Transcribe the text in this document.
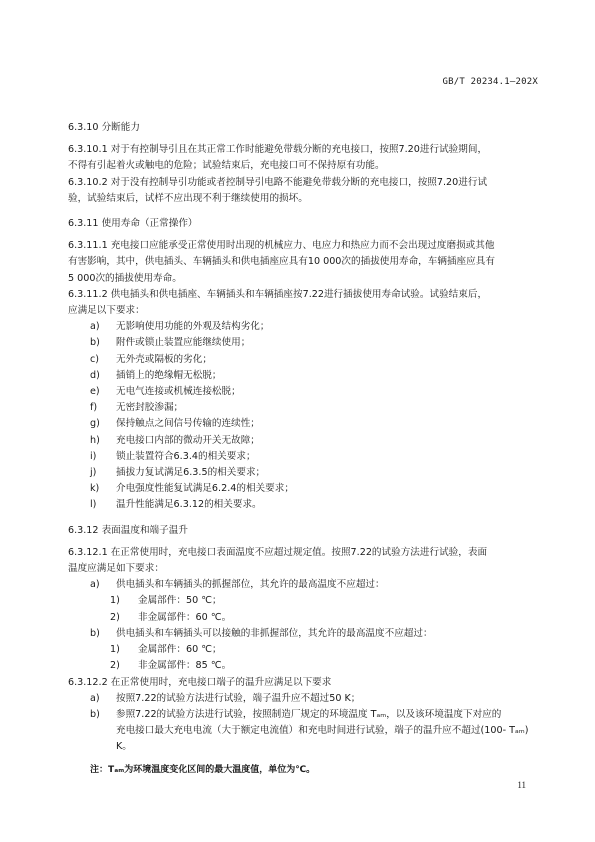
GB/T 20234.1—202X
6.3.10 分断能力
6.3.10.1 对于有控制导引且在其正常工作时能避免带载分断的充电接口，按照7.20进行试验期间，
不得有引起着火或触电的危险；试验结束后，充电接口可不保持原有功能。
6.3.10.2 对于没有控制导引功能或者控制导引电路不能避免带载分断的充电接口，按照7.20进行试
验，试验结束后，试样不应出现不利于继续使用的损坏。
6.3.11 使用寿命（正常操作）
6.3.11.1 充电接口应能承受正常使用时出现的机械应力、电应力和热应力而不会出现过度磨损或其他
有害影响，其中，供电插头、车辆插头和供电插座应具有10 000次的插拔使用寿命，车辆插座应具有
5 000次的插拔使用寿命。
6.3.11.2 供电插头和供电插座、车辆插头和车辆插座按7.22进行插拔使用寿命试验。试验结束后，
应满足以下要求：
a)	无影响使用功能的外观及结构劣化；
b)	附件或锁止装置应能继续使用；
c)	无外壳或隔板的劣化；
d)	插销上的绝缘帽无松脱；
e)	无电气连接或机械连接松脱；
f)	无密封胶渗漏；
g)	保持触点之间信号传输的连续性；
h)	充电接口内部的微动开关无故障；
i)	锁止装置符合6.3.4的相关要求；
j)	插拔力复试满足6.3.5的相关要求；
k)	介电强度性能复试满足6.2.4的相关要求；
l)	温升性能满足6.3.12的相关要求。
6.3.12 表面温度和端子温升
6.3.12.1 在正常使用时，充电接口表面温度不应超过规定值。按照7.22的试验方法进行试验，表面
温度应满足如下要求：
a)	供电插头和车辆插头的抓握部位，其允许的最高温度不应超过：
1)	金属部件：50 ℃；
2)	非金属部件：60 ℃。
b)	供电插头和车辆插头可以接触的非抓握部位，其允许的最高温度不应超过：
1)	金属部件：60 ℃；
2)	非金属部件：85 ℃。
6.3.12.2 在正常使用时，充电接口端子的温升应满足以下要求
a)	按照7.22的试验方法进行试验，端子温升应不超过50 K；
b)	参照7.22的试验方法进行试验，按照制造厂规定的环境温度 Tₐₘ，以及该环境温度下对应的
充电接口最大充电电流（大于额定电流值）和充电时间进行试验，端子的温升应不超过(100- Tₐₘ)
K。
注：Tₐₘ为环境温度变化区间的最大温度值，单位为℃。
11
